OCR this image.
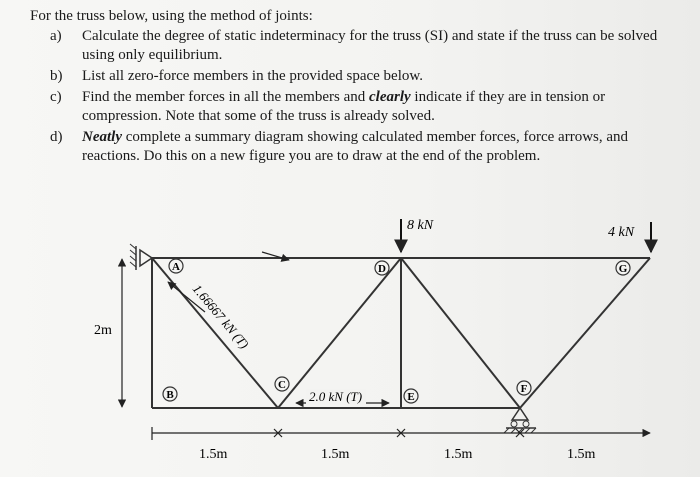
For the truss below, using the method of joints:
a) Calculate the degree of static indeterminacy for the truss (SI) and state if the truss can be solved using only equilibrium.
b) List all zero-force members in the provided space below.
c) Find the member forces in all the members and clearly indicate if they are in tension or compression. Note that some of the truss is already solved.
d) Neatly complete a summary diagram showing calculated member forces, force arrows, and reactions. Do this on a new figure you are to draw at the end of the problem.
A
B
C
D
E
F
G
2m
1.5m	1.5m	1.5m	1.5m
8 kN	4 kN
1.66667 kN (T)
2.0 kN (T)
